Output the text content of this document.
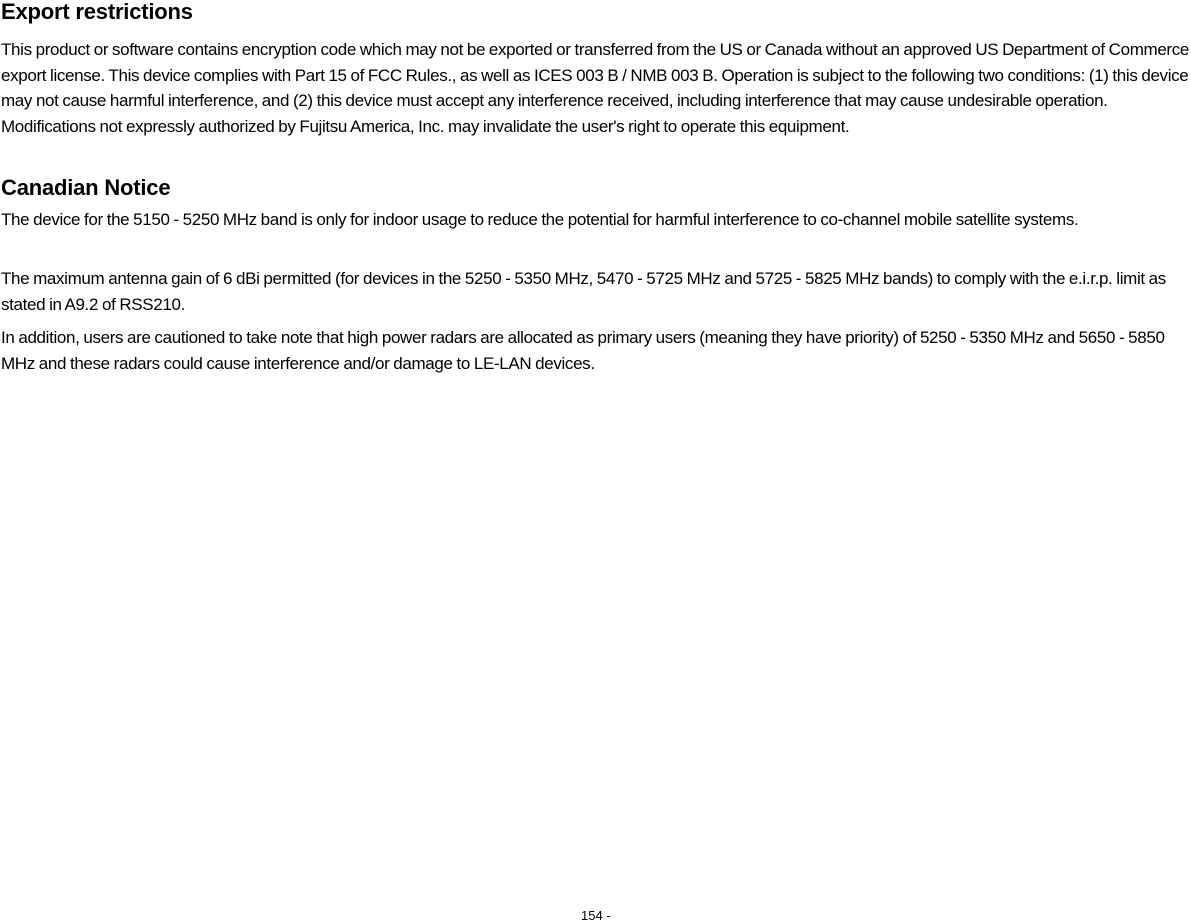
Export restrictions

This product or software contains encryption code which may not be exported or transferred from the US or Canada without an approved US Department of Commerce export license. This device complies with Part 15 of FCC Rules., as well as ICES 003 B / NMB 003 B. Operation is subject to the following two conditions: (1) this device may not cause harmful interference, and (2) this device must accept any interference received, including interference that may cause undesirable operation. Modifications not expressly authorized by Fujitsu America, Inc. may invalidate the user's right to operate this equipment.

Canadian Notice

The device for the 5150 - 5250 MHz band is only for indoor usage to reduce the potential for harmful interference to co-channel mobile satellite systems.

The maximum antenna gain of 6 dBi permitted (for devices in the 5250 - 5350 MHz, 5470 - 5725 MHz and 5725 - 5825 MHz bands) to comply with the e.i.r.p. limit as stated in A9.2 of RSS210.

In addition, users are cautioned to take note that high power radars are allocated as primary users (meaning they have priority) of 5250 - 5350 MHz and 5650 - 5850 MHz and these radars could cause interference and/or damage to LE-LAN devices.

154 -
